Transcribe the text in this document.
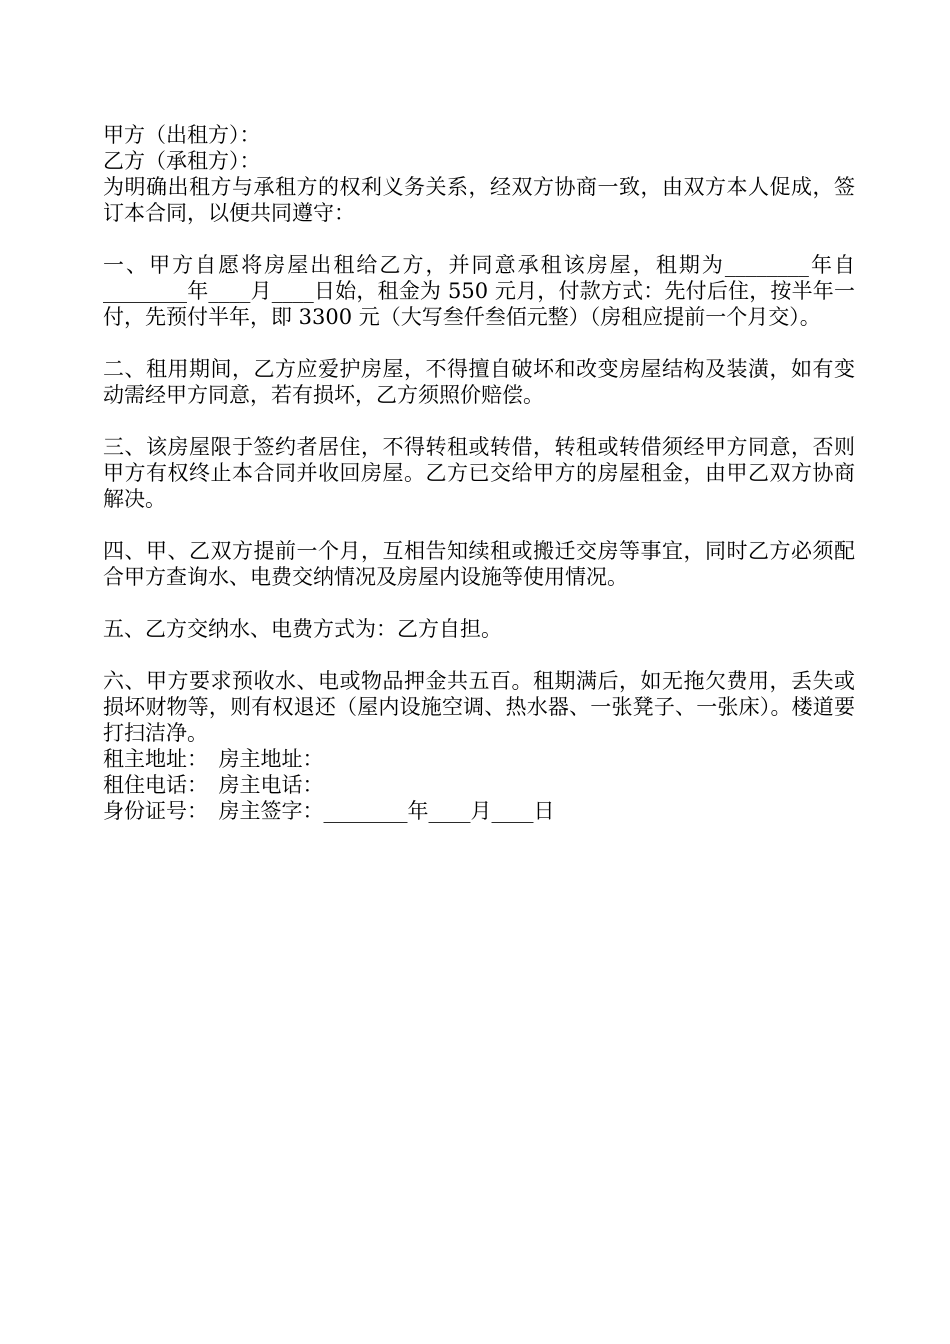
甲方（出租方）：
乙方（承租方）：
为明确出租方与承租方的权利义务关系，经双方协商一致，由双方本人促成，签订本合同，以便共同遵守：
一、甲方自愿将房屋出租给乙方，并同意承租该房屋，租期为________年自________年____月____日始，租金为 550 元月，付款方式：先付后住，按半年一付，先预付半年，即 3300 元（大写叁仟叁佰元整）（房租应提前一个月交）。
二、租用期间，乙方应爱护房屋，不得擅自破坏和改变房屋结构及装潢，如有变动需经甲方同意，若有损坏，乙方须照价赔偿。
三、该房屋限于签约者居住，不得转租或转借，转租或转借须经甲方同意，否则甲方有权终止本合同并收回房屋。乙方已交给甲方的房屋租金，由甲乙双方协商解决。
四、甲、乙双方提前一个月，互相告知续租或搬迁交房等事宜，同时乙方必须配合甲方查询水、电费交纳情况及房屋内设施等使用情况。
五、乙方交纳水、电费方式为：乙方自担。
六、甲方要求预收水、电或物品押金共五百。租期满后，如无拖欠费用，丢失或损坏财物等，则有权退还（屋内设施空调、热水器、一张凳子、一张床）。楼道要打扫洁净。
租主地址：　房主地址：
租住电话：　房主电话：
身份证号：　房主签字：________年____月____日
